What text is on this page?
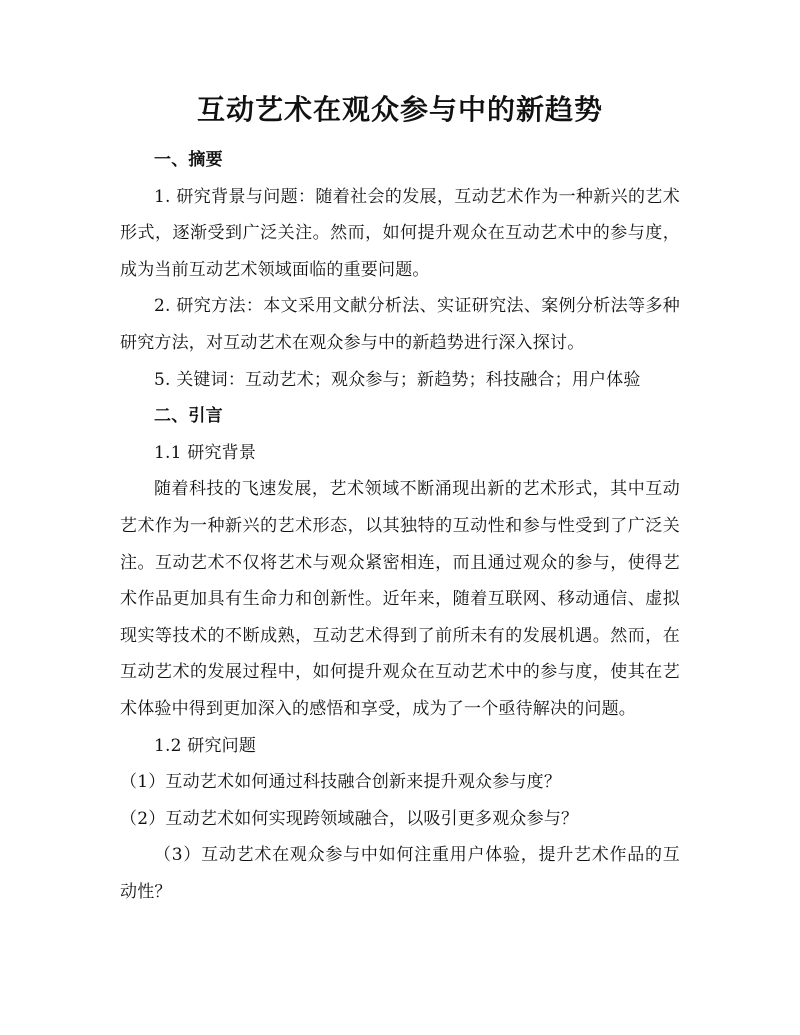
互动艺术在观众参与中的新趋势

一、摘要

1. 研究背景与问题：随着社会的发展，互动艺术作为一种新兴的艺术形式，逐渐受到广泛关注。然而，如何提升观众在互动艺术中的参与度，成为当前互动艺术领域面临的重要问题。

2. 研究方法：本文采用文献分析法、实证研究法、案例分析法等多种研究方法，对互动艺术在观众参与中的新趋势进行深入探讨。

5. 关键词：互动艺术；观众参与；新趋势；科技融合；用户体验

二、引言

1.1 研究背景

随着科技的飞速发展，艺术领域不断涌现出新的艺术形式，其中互动艺术作为一种新兴的艺术形态，以其独特的互动性和参与性受到了广泛关注。互动艺术不仅将艺术与观众紧密相连，而且通过观众的参与，使得艺术作品更加具有生命力和创新性。近年来，随着互联网、移动通信、虚拟现实等技术的不断成熟，互动艺术得到了前所未有的发展机遇。然而，在互动艺术的发展过程中，如何提升观众在互动艺术中的参与度，使其在艺术体验中得到更加深入的感悟和享受，成为了一个亟待解决的问题。

1.2 研究问题

（1）互动艺术如何通过科技融合创新来提升观众参与度？

（2）互动艺术如何实现跨领域融合，以吸引更多观众参与？

（3）互动艺术在观众参与中如何注重用户体验，提升艺术作品的互动性？
